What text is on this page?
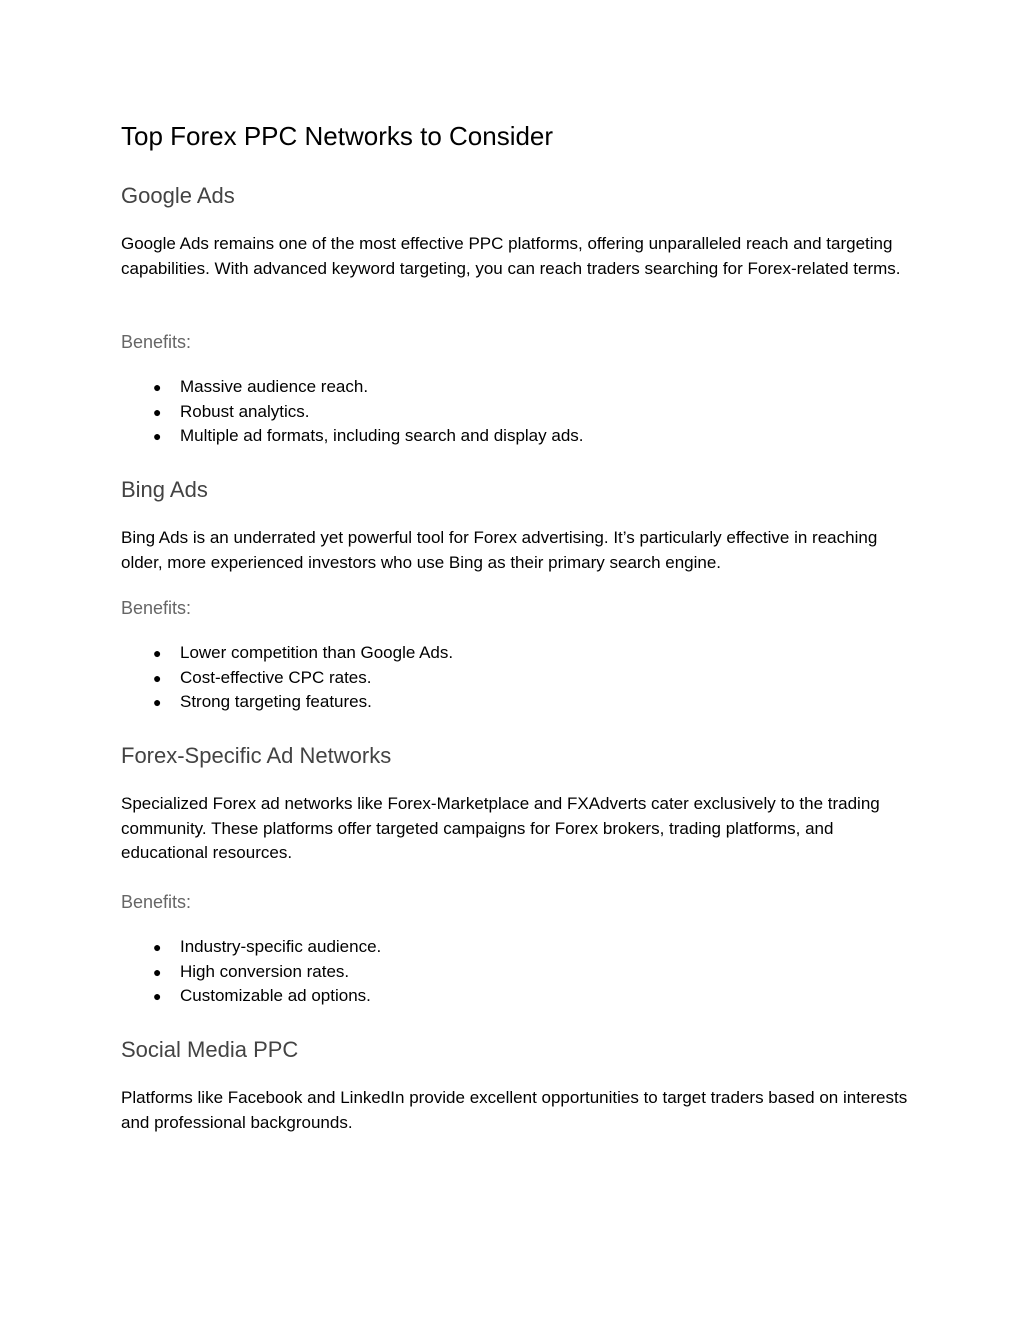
Top Forex PPC Networks to Consider
Google Ads

Google Ads remains one of the most effective PPC platforms, offering unparalleled reach and targeting capabilities. With advanced keyword targeting, you can reach traders searching for Forex-related terms.

Benefits:
● Massive audience reach.
● Robust analytics.
● Multiple ad formats, including search and display ads.
Bing Ads

Bing Ads is an underrated yet powerful tool for Forex advertising. It’s particularly effective in reaching older, more experienced investors who use Bing as their primary search engine.

Benefits:
● Lower competition than Google Ads.
● Cost-effective CPC rates.
● Strong targeting features.
Forex-Specific Ad Networks

Specialized Forex ad networks like Forex-Marketplace and FXAdverts cater exclusively to the trading community. These platforms offer targeted campaigns for Forex brokers, trading platforms, and educational resources.

Benefits:
● Industry-specific audience.
● High conversion rates.
● Customizable ad options.
Social Media PPC

Platforms like Facebook and LinkedIn provide excellent opportunities to target traders based on interests and professional backgrounds.
